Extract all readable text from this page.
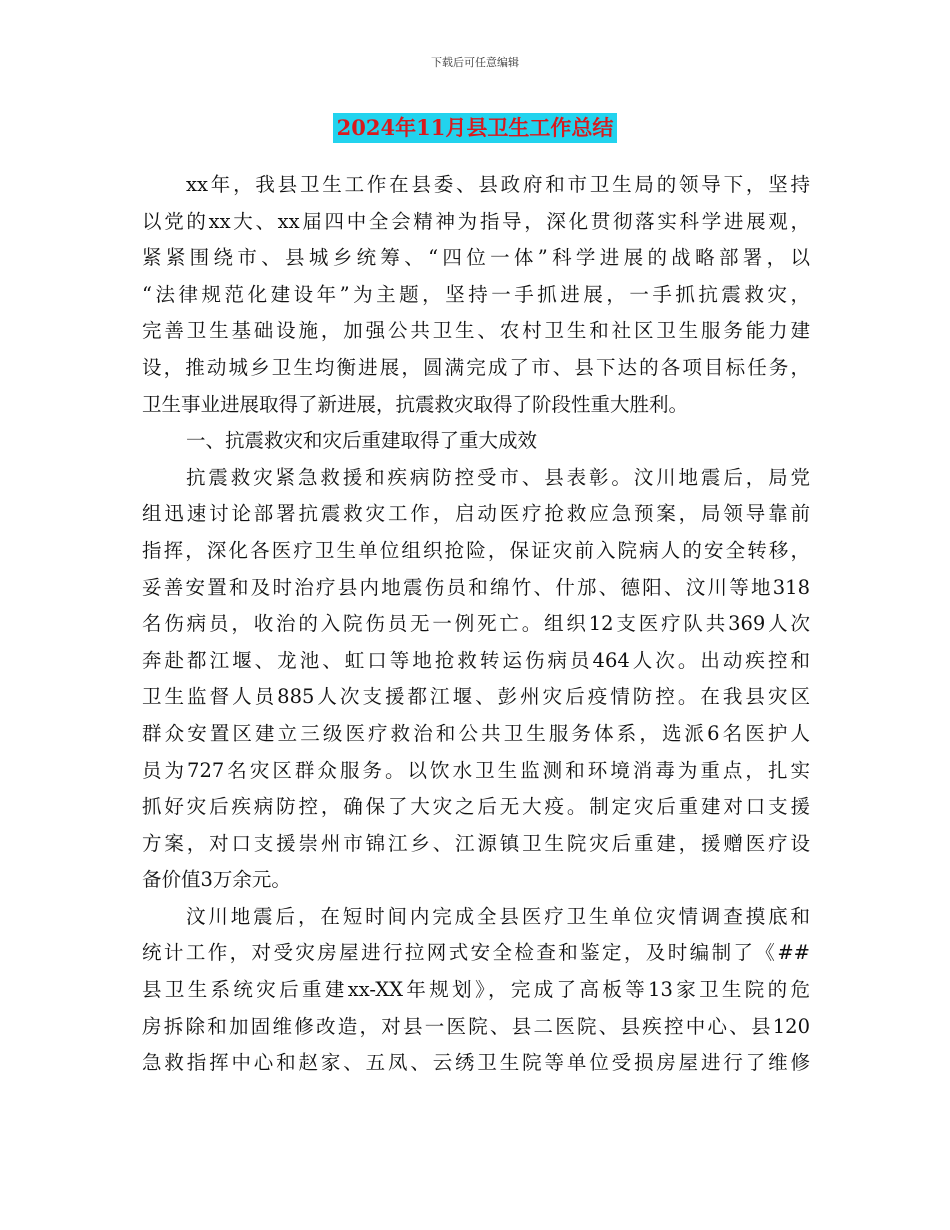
下载后可任意编辑
2024年11月县卫生工作总结
xx年，我县卫生工作在县委、县政府和市卫生局的领导下，坚持
以党的xx大、xx届四中全会精神为指导，深化贯彻落实科学进展观，
紧紧围绕市、县城乡统筹、“四位一体”科学进展的战略部署，以
“法律规范化建设年”为主题，坚持一手抓进展，一手抓抗震救灾，
完善卫生基础设施，加强公共卫生、农村卫生和社区卫生服务能力建
设，推动城乡卫生均衡进展，圆满完成了市、县下达的各项目标任务，
卫生事业进展取得了新进展，抗震救灾取得了阶段性重大胜利。
一、抗震救灾和灾后重建取得了重大成效
抗震救灾紧急救援和疾病防控受市、县表彰。汶川地震后，局党
组迅速讨论部署抗震救灾工作，启动医疗抢救应急预案，局领导靠前
指挥，深化各医疗卫生单位组织抢险，保证灾前入院病人的安全转移，
妥善安置和及时治疗县内地震伤员和绵竹、什邡、德阳、汶川等地318
名伤病员，收治的入院伤员无一例死亡。组织12支医疗队共369人次
奔赴都江堰、龙池、虹口等地抢救转运伤病员464人次。出动疾控和
卫生监督人员885人次支援都江堰、彭州灾后疫情防控。在我县灾区
群众安置区建立三级医疗救治和公共卫生服务体系，选派6名医护人
员为727名灾区群众服务。以饮水卫生监测和环境消毒为重点，扎实
抓好灾后疾病防控，确保了大灾之后无大疫。制定灾后重建对口支援
方案，对口支援崇州市锦江乡、江源镇卫生院灾后重建，援赠医疗设
备价值3万余元。
汶川地震后，在短时间内完成全县医疗卫生单位灾情调查摸底和
统计工作，对受灾房屋进行拉网式安全检查和鉴定，及时编制了《##
县卫生系统灾后重建xx-XX年规划》，完成了高板等13家卫生院的危
房拆除和加固维修改造，对县一医院、县二医院、县疾控中心、县120
急救指挥中心和赵家、五凤、云绣卫生院等单位受损房屋进行了维修
